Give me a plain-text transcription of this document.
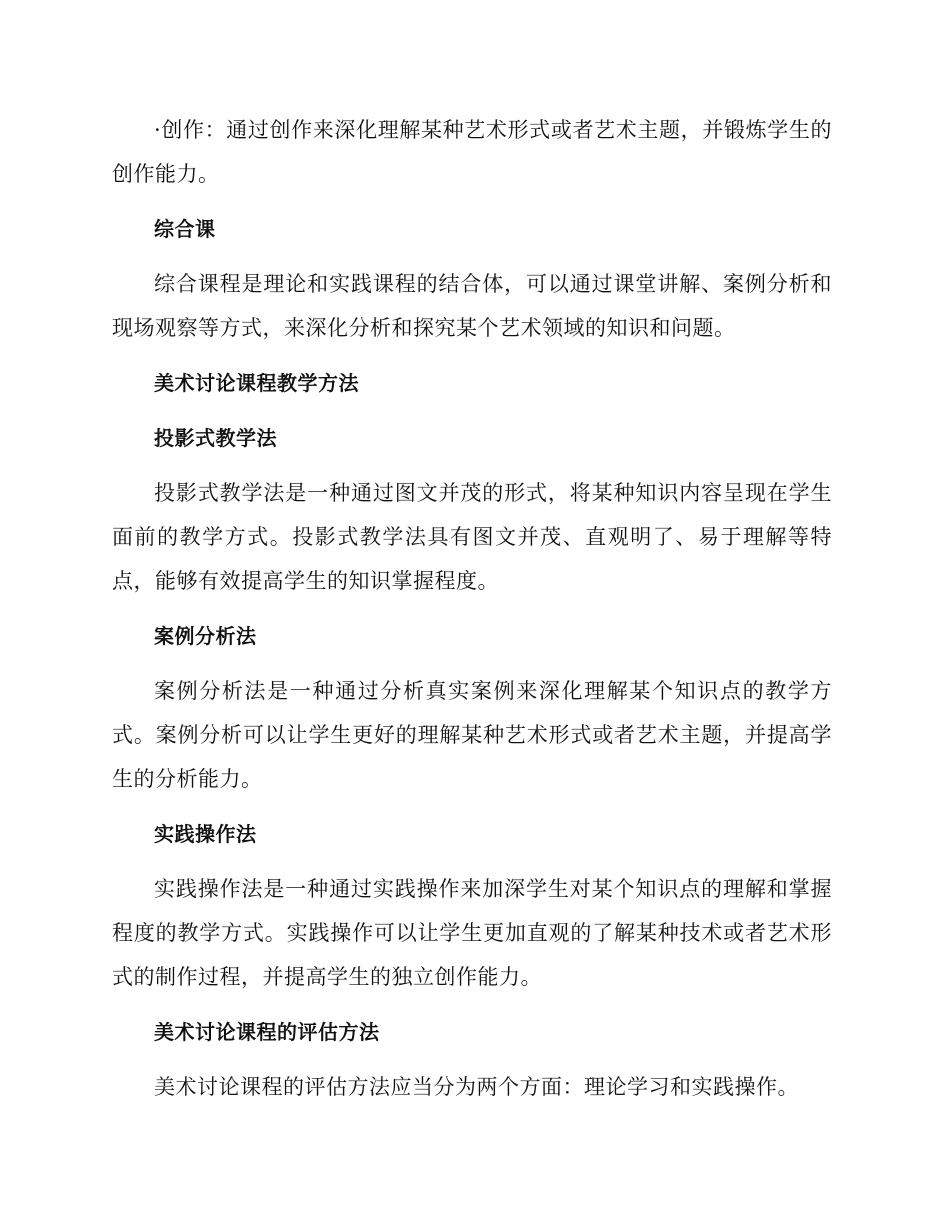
·创作：通过创作来深化理解某种艺术形式或者艺术主题，并锻炼学生的创作能力。

综合课

综合课程是理论和实践课程的结合体，可以通过课堂讲解、案例分析和现场观察等方式，来深化分析和探究某个艺术领域的知识和问题。

美术讨论课程教学方法

投影式教学法

投影式教学法是一种通过图文并茂的形式，将某种知识内容呈现在学生面前的教学方式。投影式教学法具有图文并茂、直观明了、易于理解等特点，能够有效提高学生的知识掌握程度。

案例分析法

案例分析法是一种通过分析真实案例来深化理解某个知识点的教学方式。案例分析可以让学生更好的理解某种艺术形式或者艺术主题，并提高学生的分析能力。

实践操作法

实践操作法是一种通过实践操作来加深学生对某个知识点的理解和掌握程度的教学方式。实践操作可以让学生更加直观的了解某种技术或者艺术形式的制作过程，并提高学生的独立创作能力。

美术讨论课程的评估方法

美术讨论课程的评估方法应当分为两个方面：理论学习和实践操作。
